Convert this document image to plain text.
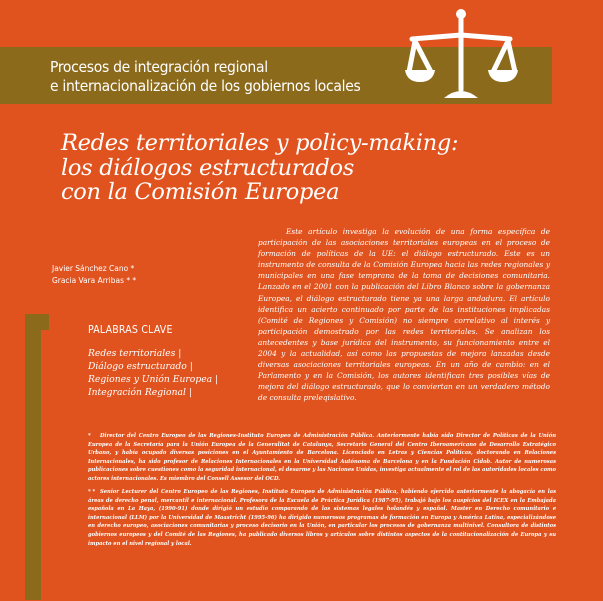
Procesos de integración regional
e internacionalización de los gobiernos locales
Redes territoriales y policy-making:
los diálogos estructurados
con la Comisión Europea

Este artículo investiga la evolución de una forma específica de participación de las asociaciones territoriales europeas en el proceso de formación de políticas de la UE: el diálogo estructurado. Este es un instrumento de consulta de la Comisión Europea hacia las redes regionales y municipales en una fase temprana de la toma de decisiones comunitaria. Lanzado en el 2001 con la publicación del Libro Blanco sobre la gobernanza Europea, el diálogo estructurado tiene ya una larga andadura. El artículo identifica un acierto continuado por parte de las instituciones implicadas (Comité de Regiones y Comisión) no siempre correlativo al interés y participación demostrado por las redes territoriales. Se analizan los antecedentes y base jurídica del instrumento, su funcionamiento entre el 2004 y la actualidad, así como las propuestas de mejora lanzadas desde diversas asociaciones territoriales europeas. En un año de cambio: en el Parlamento y en la Comisión, los autores identifican tres posibles vías de mejora del diálogo estructurado, que lo conviertan en un verdadero método de consulta preleqislativo.

Javier Sánchez Cano *
Gracia Vara Arribas * *
PALABRAS CLAVE
Redes territoriales |
Diálogo estructurado |
Regiones y Unión Europea |
Integración Regional |

* Director del Centro Europeo de las Regiones-Instituto Europeo de Administración Pública. Anteriormente había sido Director de Políticas de la Unión Europea de la Secretaría para la Unión Europea de la Generalitat de Catalunya, Secretario General del Centro Iberoamericano de Desarrollo Estratégico Urbano, y había ocupado diversas posiciones en el Ayuntamiento de Barcelona. Licenciado en Letras y Ciencias Políticas, doctorando en Relaciones Internacionales, ha sido profesor de Relaciones Internacionales en la Universidad Autónoma de Barcelona y en la Fundación Cidob. Autor de numerosas publicaciones sobre cuestiones como la seguridad internacional, el desarme y las Naciones Unidas, investiga actualmente el rol de las autoridades locales como actores internacionales. Es miembro del Consell Assesor del OCD.

* * Senior Lecturer del Centro Europeo de las Regiones, Instituto Europeo de Administración Pública, habiendo ejercido anteriormente la abogacía en las áreas de derecho penal, mercantil e internacional. Profesora de la Escuela de Práctica Jurídica (1987-95), trabajó bajo los auspicios del ICEX en la Embajada española en La Haya, (1990-91) donde dirigió un estudio comparando de las sistemas legales holandés y español. Master en Derecho comunitario e internacional (LLM) por la Universidad de Maastricht (1995-96) ha dirigido numerosos programas de formación en Europa y América Latina, especializándose en derecho europeo, asociaciones comunitarias y proceso decisorio en la Unión, en particular los procesos de gobernanza multinivel. Consultora de distintos gobiernos europeos y del Comité de las Regiones, ha publicado diversos libros y artículos sobre distintos aspectos de la contitucionalización de Europa y su impacto en el nivel regional y local.
